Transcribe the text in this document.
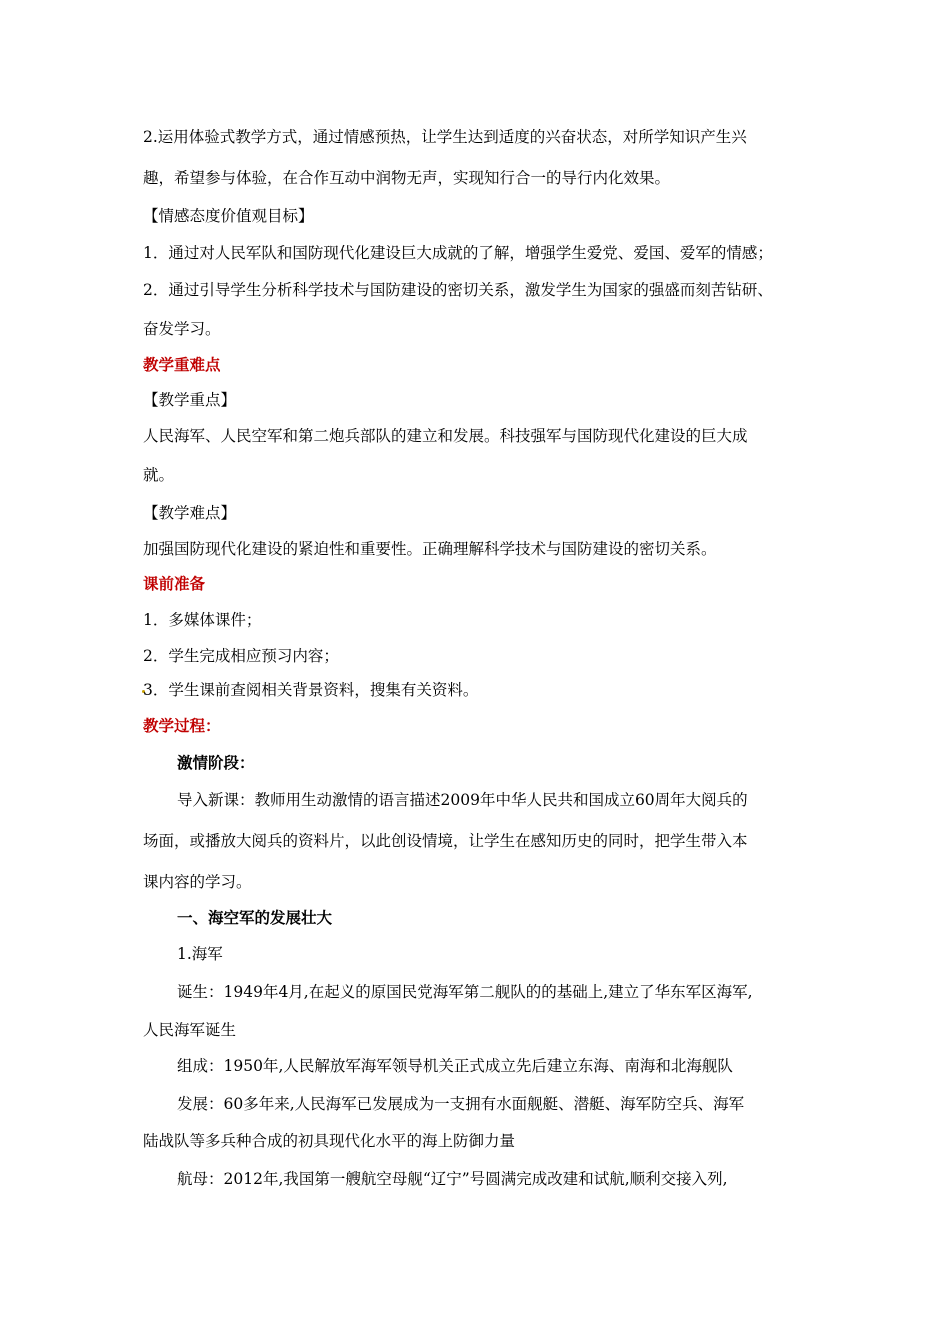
2.运用体验式教学方式，通过情感预热，让学生达到适度的兴奋状态，对所学知识产生兴
趣，希望参与体验，在合作互动中润物无声，实现知行合一的导行内化效果。
【情感态度价值观目标】
1．通过对人民军队和国防现代化建设巨大成就的了解，增强学生爱党、爱国、爱军的情感；
2．通过引导学生分析科学技术与国防建设的密切关系，激发学生为国家的强盛而刻苦钻研、
奋发学习。
教学重难点
【教学重点】
人民海军、人民空军和第二炮兵部队的建立和发展。科技强军与国防现代化建设的巨大成
就。
【教学难点】
加强国防现代化建设的紧迫性和重要性。正确理解科学技术与国防建设的密切关系。
课前准备
1．多媒体课件；
2．学生完成相应预习内容；
3．学生课前查阅相关背景资料，搜集有关资料。
教学过程：
激情阶段：
导入新课：教师用生动激情的语言描述2009年中华人民共和国成立60周年大阅兵的
场面，或播放大阅兵的资料片，以此创设情境，让学生在感知历史的同时，把学生带入本
课内容的学习。
一、海空军的发展壮大
1.海军
诞生：1949年4月,在起义的原国民党海军第二舰队的的基础上,建立了华东军区海军,
人民海军诞生
组成：1950年,人民解放军海军领导机关正式成立先后建立东海、南海和北海舰队
发展：60多年来,人民海军已发展成为一支拥有水面舰艇、潜艇、海军防空兵、海军
陆战队等多兵种合成的初具现代化水平的海上防御力量
航母：2012年,我国第一艘航空母舰“辽宁”号圆满完成改建和试航,顺利交接入列,
